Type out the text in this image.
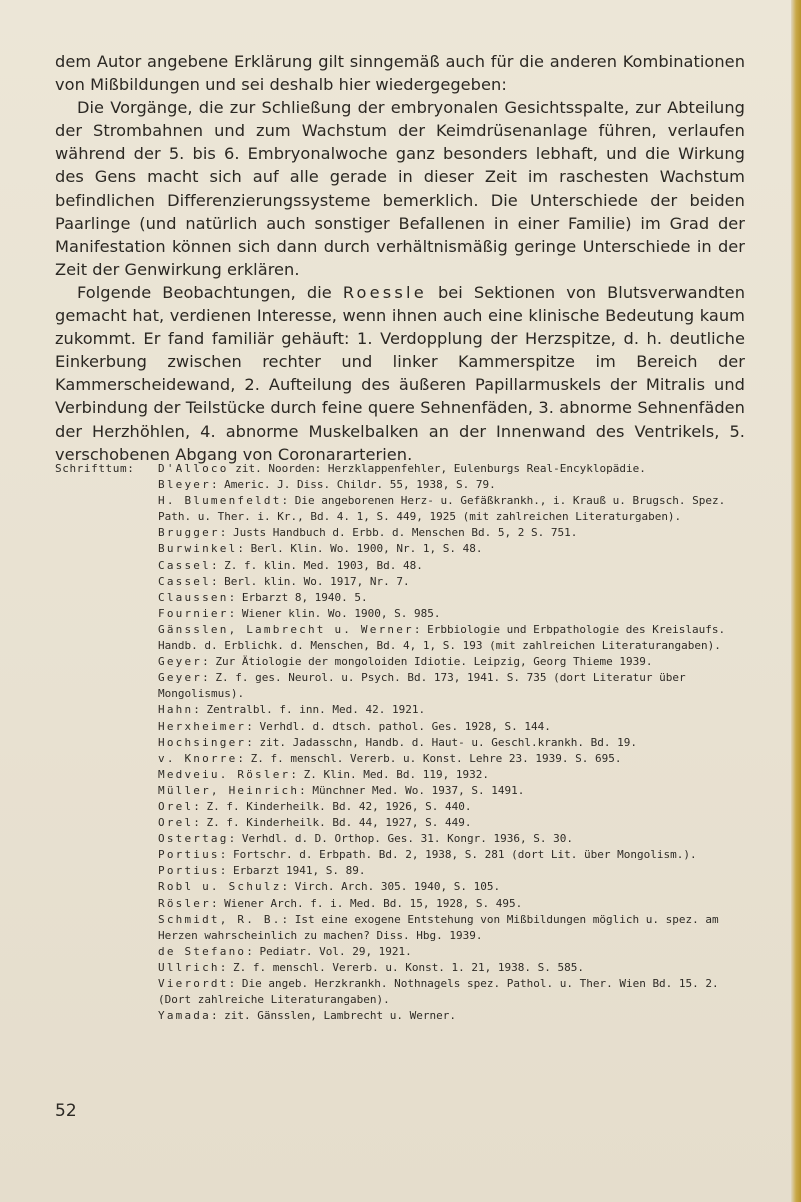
dem Autor angebene Erklärung gilt sinngemäß auch für die anderen Kombinationen von Mißbildungen und sei deshalb hier wiedergegeben:

Die Vorgänge, die zur Schließung der embryonalen Gesichtsspalte, zur Abteilung der Strombahnen und zum Wachstum der Keimdrüsenanlage führen, verlaufen während der 5. bis 6. Embryonalwoche ganz besonders lebhaft, und die Wirkung des Gens macht sich auf alle gerade in dieser Zeit im raschesten Wachstum befindlichen Differenzierungssysteme bemerklich. Die Unterschiede der beiden Paarlinge (und natürlich auch sonstiger Befallenen in einer Familie) im Grad der Manifestation können sich dann durch verhältnismäßig geringe Unterschiede in der Zeit der Genwirkung erklären.

Folgende Beobachtungen, die Roessle bei Sektionen von Blutsverwandten gemacht hat, verdienen Interesse, wenn ihnen auch eine klinische Bedeutung kaum zukommt. Er fand familiär gehäuft: 1. Verdopplung der Herzspitze, d. h. deutliche Einkerbung zwischen rechter und linker Kammerspitze im Bereich der Kammerscheidewand, 2. Aufteilung des äußeren Papillarmuskels der Mitralis und Verbindung der Teilstücke durch feine quere Sehnenfäden, 3. abnorme Sehnenfäden der Herzhöhlen, 4. abnorme Muskelbalken an der Innenwand des Ventrikels, 5. verschobenen Abgang von Coronararterien.

Schrifttum:	D'Alloco zit. Noorden: Herzklappenfehler, Eulenburgs Real-Encyklopädie.
Bleyer: Americ. J. Diss. Childr. 55, 1938, S. 79.
H. Blumenfeldt: Die angeborenen Herz- u. Gefäßkrankh., i. Krauß u. Brugsch. Spez. Path. u. Ther. i. Kr., Bd. 4. 1, S. 449, 1925 (mit zahlreichen Literaturgaben).
Brugger: Justs Handbuch d. Erbb. d. Menschen Bd. 5, 2 S. 751.
Burwinkel: Berl. Klin. Wo. 1900, Nr. 1, S. 48.
Cassel: Z. f. klin. Med. 1903, Bd. 48.
Cassel: Berl. klin. Wo. 1917, Nr. 7.
Claussen: Erbarzt 8, 1940. 5.
Fournier: Wiener klin. Wo. 1900, S. 985.
Gänsslen, Lambrecht u. Werner: Erbbiologie und Erbpathologie des Kreislaufs. Handb. d. Erblichk. d. Menschen, Bd. 4, 1, S. 193 (mit zahlreichen Literaturangaben).
Geyer: Zur Ätiologie der mongoloiden Idiotie. Leipzig, Georg Thieme 1939.
Geyer: Z. f. ges. Neurol. u. Psych. Bd. 173, 1941. S. 735 (dort Literatur über Mongolismus).
Hahn: Zentralbl. f. inn. Med. 42. 1921.
Herxheimer: Verhdl. d. dtsch. pathol. Ges. 1928, S. 144.
Hochsinger: zit. Jadasschn, Handb. d. Haut- u. Geschl.krankh. Bd. 19.
v. Knorre: Z. f. menschl. Vererb. u. Konst. Lehre 23. 1939. S. 695.
Medveiu. Rösler: Z. Klin. Med. Bd. 119, 1932.
Müller, Heinrich: Münchner Med. Wo. 1937, S. 1491.
Orel: Z. f. Kinderheilk. Bd. 42, 1926, S. 440.
Orel: Z. f. Kinderheilk. Bd. 44, 1927, S. 449.
Ostertag: Verhdl. d. D. Orthop. Ges. 31. Kongr. 1936, S. 30.
Portius: Fortschr. d. Erbpath. Bd. 2, 1938, S. 281 (dort Lit. über Mongolism.).
Portius: Erbarzt 1941, S. 89.
Robl u. Schulz: Virch. Arch. 305. 1940, S. 105.
Rösler: Wiener Arch. f. i. Med. Bd. 15, 1928, S. 495.
Schmidt, R. B.: Ist eine exogene Entstehung von Mißbildungen möglich u. spez. am Herzen wahrscheinlich zu machen? Diss. Hbg. 1939.
de Stefano: Pediatr. Vol. 29, 1921.
Ullrich: Z. f. menschl. Vererb. u. Konst. 1. 21, 1938. S. 585.
Vierordt: Die angeb. Herzkrankh. Nothnagels spez. Pathol. u. Ther. Wien Bd. 15. 2. (Dort zahlreiche Literaturangaben).
Yamada: zit. Gänsslen, Lambrecht u. Werner.
52
